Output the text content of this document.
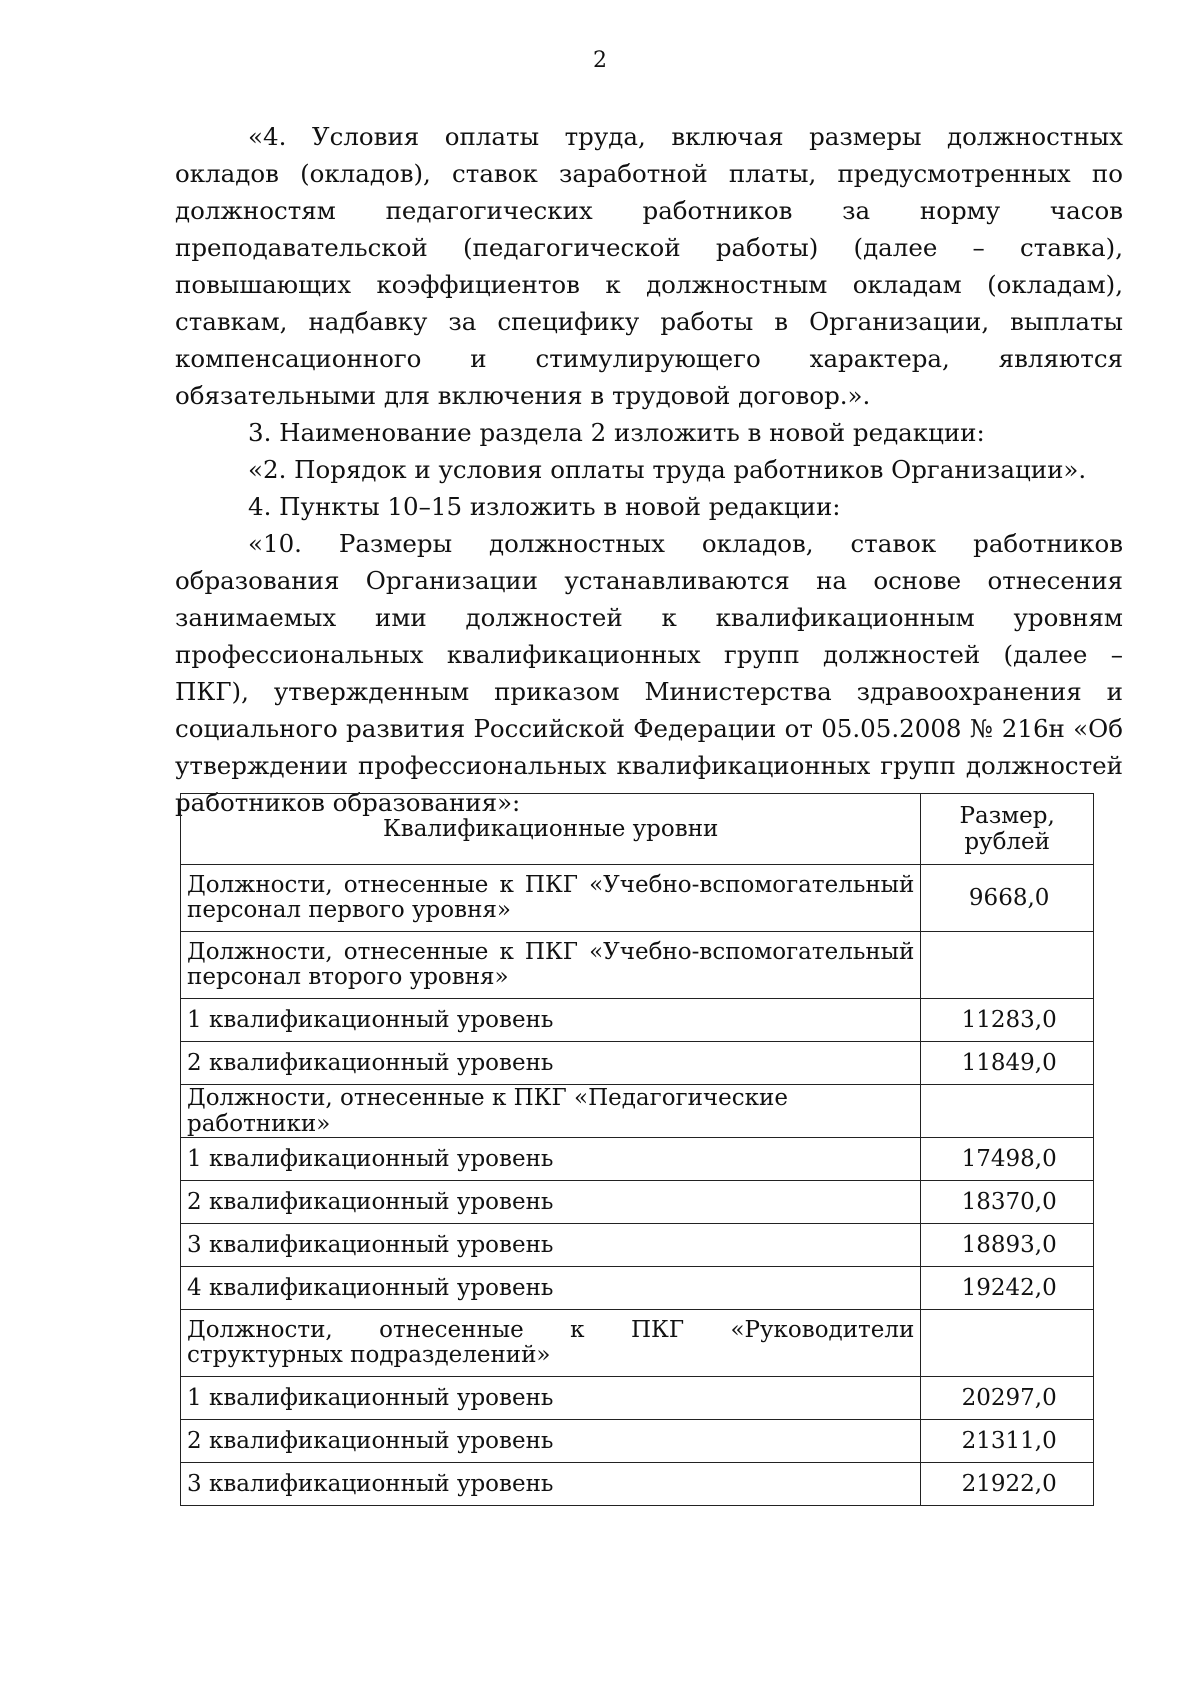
2

«4. Условия оплаты труда, включая размеры должностных окладов (окладов), ставок заработной платы, предусмотренных по должностям педагогических работников за норму часов преподавательской (педагогической работы) (далее – ставка), повышающих коэффициентов к должностным окладам (окладам), ставкам, надбавку за специфику работы в Организации, выплаты компенсационного и стимулирующего характера, являются обязательными для включения в трудовой договор.».

3. Наименование раздела 2 изложить в новой редакции:

«2. Порядок и условия оплаты труда работников Организации».

4. Пункты 10–15 изложить в новой редакции:

«10. Размеры должностных окладов, ставок работников образования Организации устанавливаются на основе отнесения занимаемых ими должностей к квалификационным уровням профессиональных квалификационных групп должностей (далее – ПКГ), утвержденным приказом Министерства здравоохранения и социального развития Российской Федерации от 05.05.2008 № 216н «Об утверждении профессиональных квалификационных групп должностей работников образования»:

Квалификационные уровни	Размер,
рублей
Должности, отнесенные к ПКГ «Учебно-вспомогательный персонал первого уровня»	9668,0
Должности, отнесенные к ПКГ «Учебно-вспомогательный персонал второго уровня»	
1 квалификационный уровень	11283,0
2 квалификационный уровень	11849,0
Должности, отнесенные к ПКГ «Педагогические работники»	
1 квалификационный уровень	17498,0
2 квалификационный уровень	18370,0
3 квалификационный уровень	18893,0
4 квалификационный уровень	19242,0
Должности, отнесенные к ПКГ «Руководители структурных подразделений»	
1 квалификационный уровень	20297,0
2 квалификационный уровень	21311,0
3 квалификационный уровень	21922,0
